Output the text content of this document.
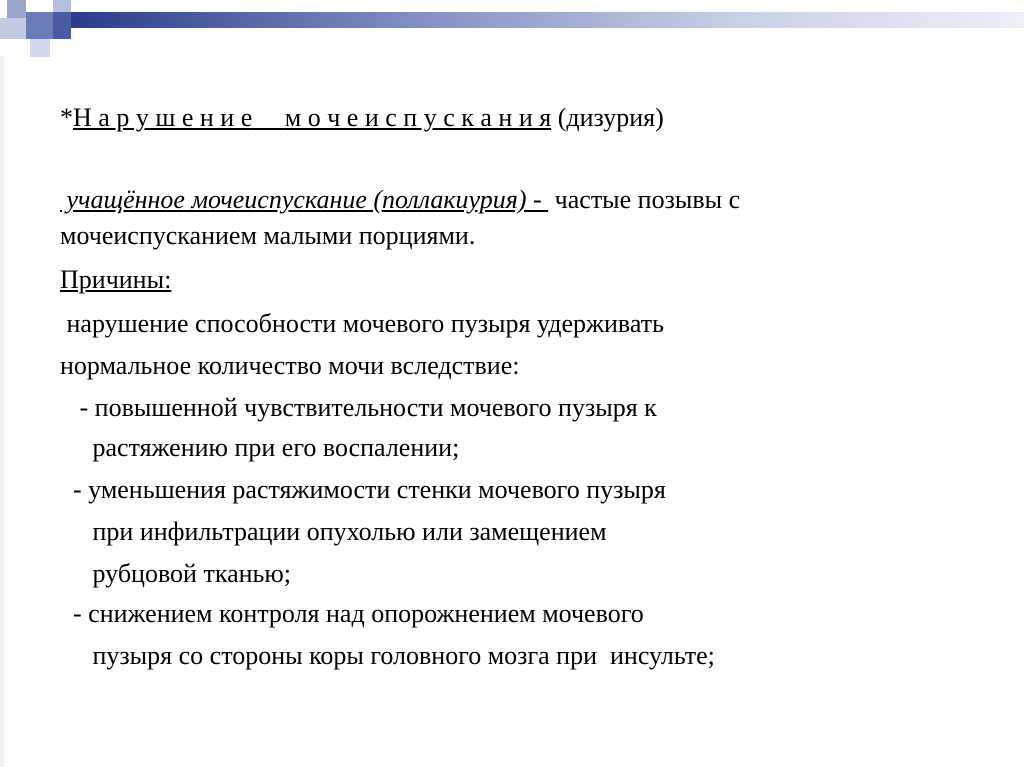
*Н а р у ш е н и е м о ч е и с п у с к а н и я (дизурия)
учащённое мочеиспускание (поллакиурия) -  частые позывы с
мочеиспусканием малыми порциями.
Причины:
нарушение способности мочевого пузыря удерживать
нормальное количество мочи вследствие:
- повышенной чувствительности мочевого пузыря к
растяжению при его воспалении;
- уменьшения растяжимости стенки мочевого пузыря
при инфильтрации опухолью или замещением
рубцовой тканью;
- снижением контроля над опорожнением мочевого
пузыря со стороны коры головного мозга при  инсульте;
